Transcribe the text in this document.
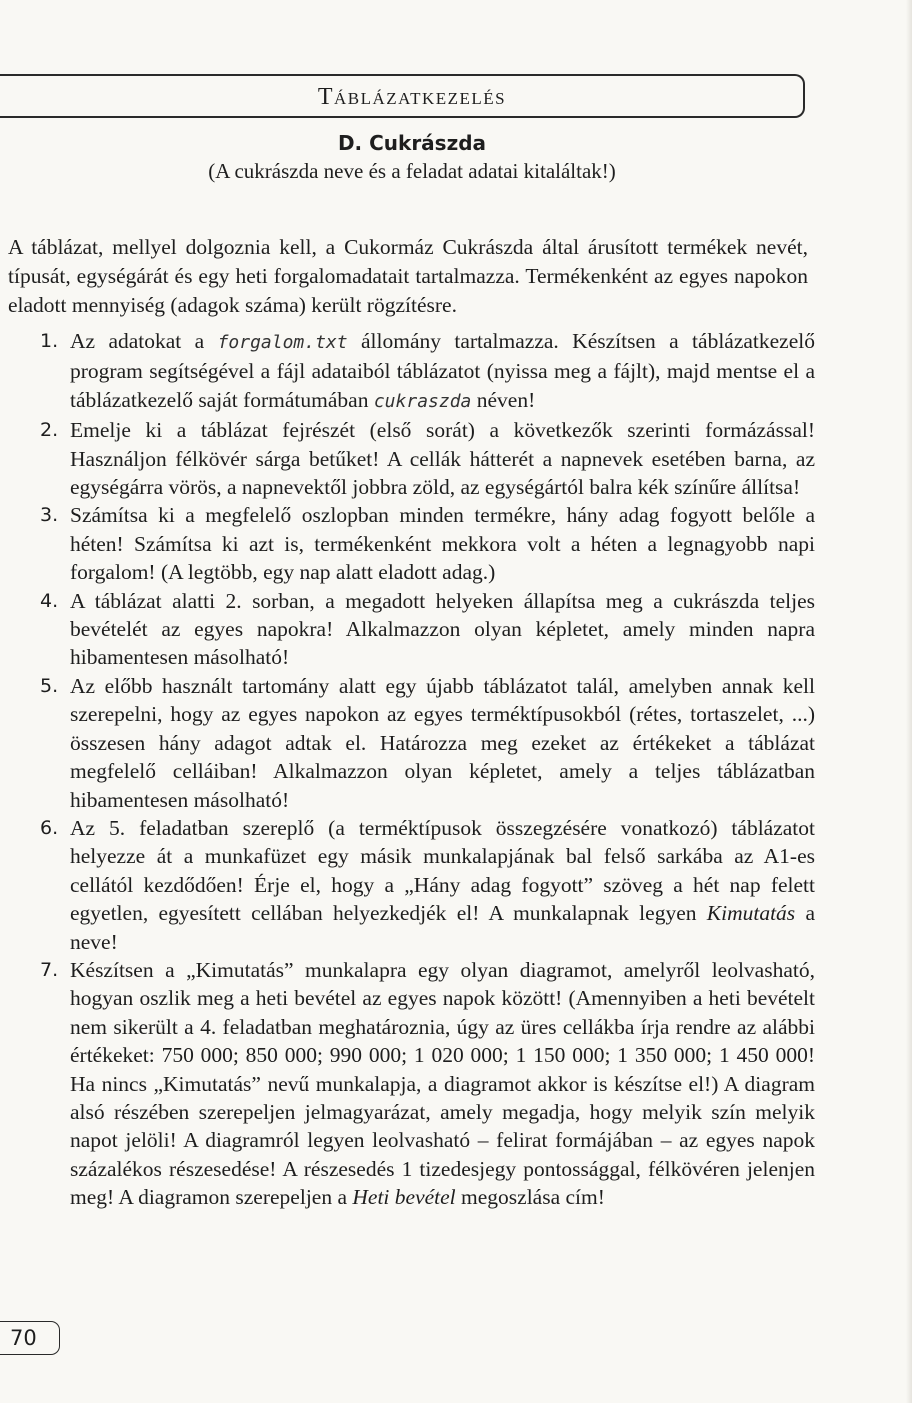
Táblázatkezelés
D. Cukrászda
(A cukrászda neve és a feladat adatai kitaláltak!)

A táblázat, mellyel dolgoznia kell, a Cukormáz Cukrászda által árusított termékek nevét, típusát, egységárát és egy heti forgalomadatait tartalmazza. Termékenként az egyes napokon eladott mennyiség (adagok száma) került rögzítésre.

1. Az adatokat a forgalom.txt állomány tartalmazza. Készítsen a táblázatkezelő program segítségével a fájl adataiból táblázatot (nyissa meg a fájlt), majd mentse el a táblázatkezelő saját formátumában cukraszda néven!
2. Emelje ki a táblázat fejrészét (első sorát) a következők szerinti formázással! Használjon félkövér sárga betűket! A cellák hátterét a napnevek esetében barna, az egységárra vörös, a napnevektől jobbra zöld, az egységártól balra kék színűre állítsa!
3. Számítsa ki a megfelelő oszlopban minden termékre, hány adag fogyott belőle a héten! Számítsa ki azt is, termékenként mekkora volt a héten a legnagyobb napi forgalom! (A legtöbb, egy nap alatt eladott adag.)
4. A táblázat alatti 2. sorban, a megadott helyeken állapítsa meg a cukrászda teljes bevételét az egyes napokra! Alkalmazzon olyan képletet, amely minden napra hibamentesen másolható!
5. Az előbb használt tartomány alatt egy újabb táblázatot talál, amelyben annak kell szerepelni, hogy az egyes napokon az egyes terméktípusokból (rétes, tortaszelet, ...) összesen hány adagot adtak el. Határozza meg ezeket az értékeket a táblázat megfelelő celláiban! Alkalmazzon olyan képletet, amely a teljes táblázatban hibamentesen másolható!
6. Az 5. feladatban szereplő (a terméktípusok összegzésére vonatkozó) táblázatot helyezze át a munkafüzet egy másik munkalapjának bal felső sarkába az A1-es cellától kezdődően! Érje el, hogy a „Hány adag fogyott” szöveg a hét nap felett egyetlen, egyesített cellában helyezkedjék el! A munkalapnak legyen Kimutatás a neve!
7. Készítsen a „Kimutatás” munkalapra egy olyan diagramot, amelyről leolvasható, hogyan oszlik meg a heti bevétel az egyes napok között! (Amennyiben a heti bevételt nem sikerült a 4. feladatban meghatároznia, úgy az üres cellákba írja rendre az alábbi értékeket: 750 000; 850 000; 990 000; 1 020 000; 1 150 000; 1 350 000; 1 450 000! Ha nincs „Kimutatás” nevű munkalapja, a diagramot akkor is készítse el!) A diagram alsó részében szerepeljen jelmagyarázat, amely megadja, hogy melyik szín melyik napot jelöli! A diagramról legyen leolvasható – felirat formájában – az egyes napok százalékos részesedése! A részesedés 1 tizedesjegy pontossággal, félkövéren jelenjen meg! A diagramon szerepeljen a Heti bevétel megoszlása cím!
70
